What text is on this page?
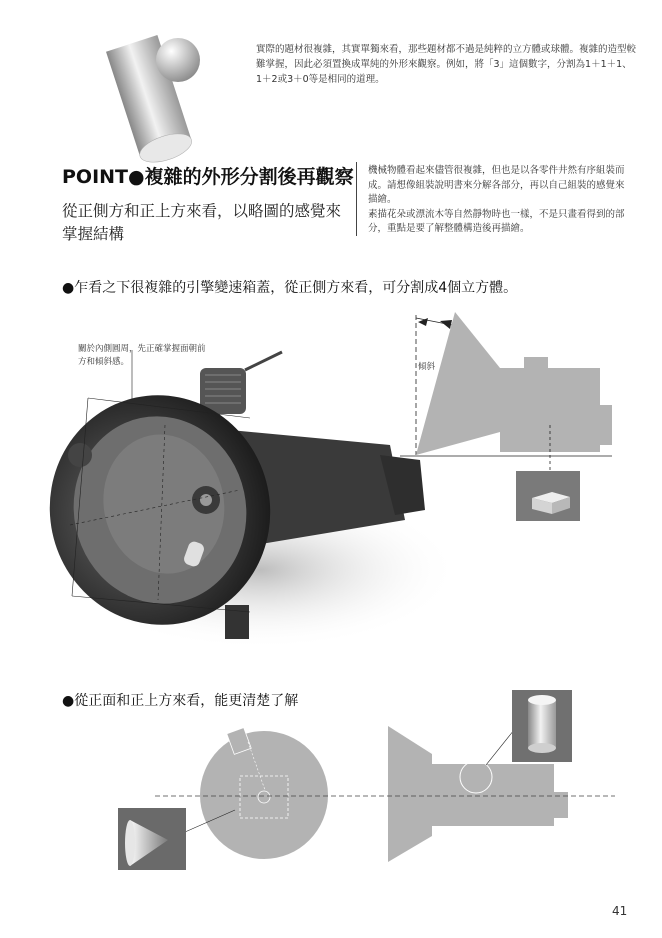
實際的題材很複雜，其實單獨來看，那些題材都不過是純粹的立方體或球體。複雜的造型較難掌握，因此必須置換成單純的外形來觀察。例如，將「3」這個數字，分割為1＋1＋1、1＋2或3＋0等是相同的道理。
POINT●複雜的外形分割後再觀察
從正側方和正上方來看，以略圖的感覺來掌握結構
機械物體看起來儘管很複雜，但也是以各零件井然有序組裝而成。請想像組裝說明書來分解各部分，再以自己組裝的感覺來描繪。
素描花朵或漂流木等自然靜物時也一樣，不是只畫看得到的部分，重點是要了解整體構造後再描繪。
●乍看之下很複雜的引擎變速箱蓋，從正側方來看，可分割成4個立方體。
關於內側圓周，先正確掌握面朝前方和傾斜感。	傾斜
●從正面和正上方來看，能更清楚了解
41
